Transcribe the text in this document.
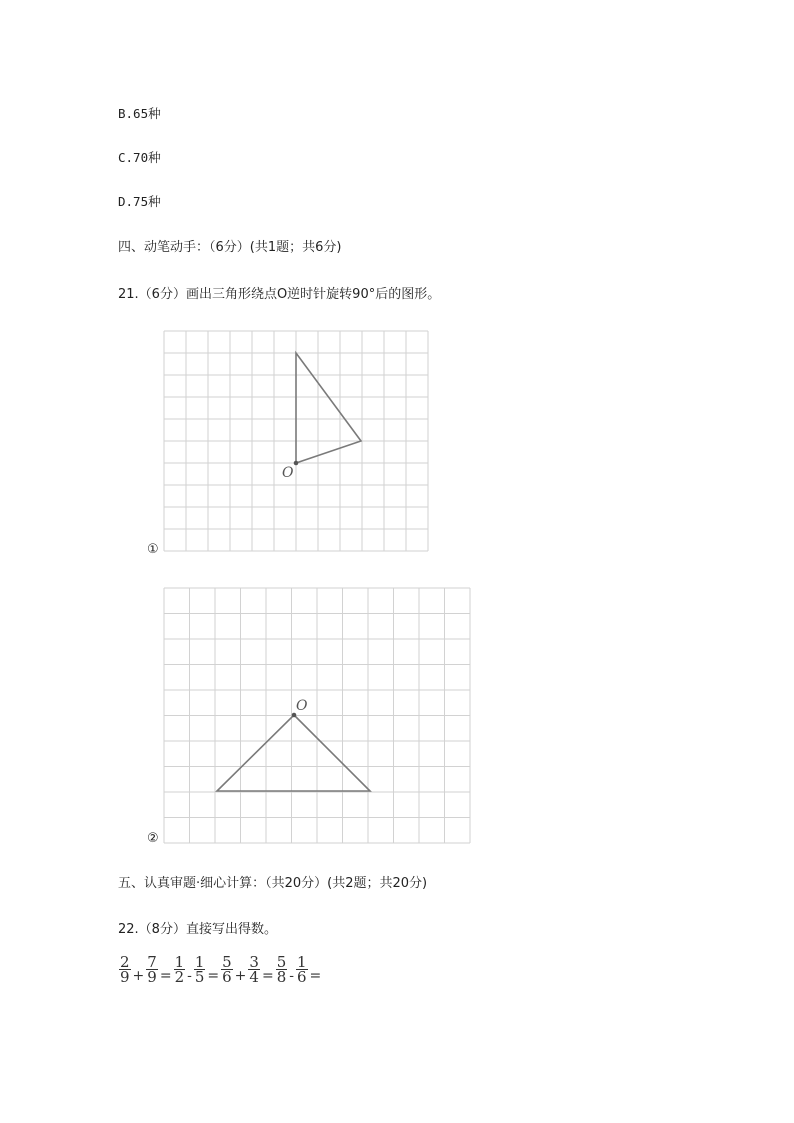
B.65种
C.70种
D.75种
四、动笔动手：（6分）(共1题；共6分)
21.（6分）画出三角形绕点O逆时针旋转90°后的图形。
O
①
O
②
五、认真审题·细心计算：（共20分）(共2题；共20分)
22.（8分）直接写出得数。
$\frac{2}{9} + \frac{7}{9} = \frac{1}{2} - \frac{1}{5} = \frac{5}{6} + \frac{3}{4} = \frac{5}{8} - \frac{1}{6}$ =
